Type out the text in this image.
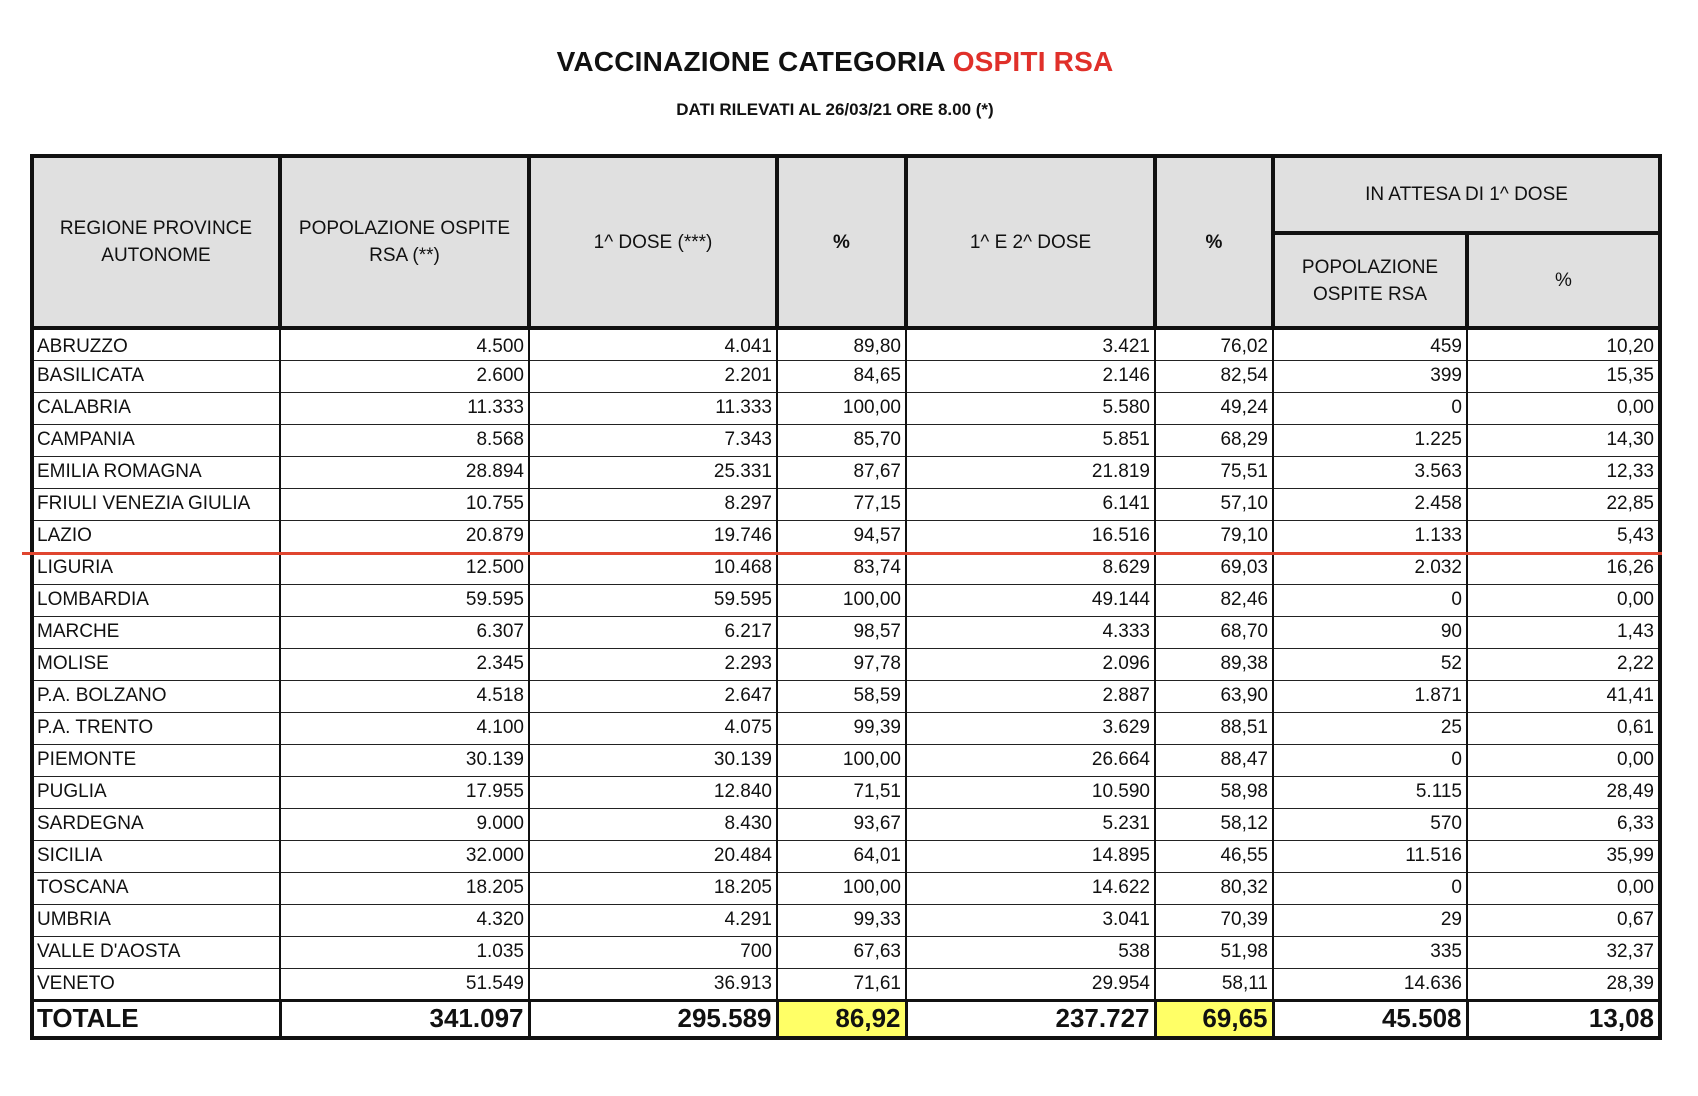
VACCINAZIONE CATEGORIA OSPITI RSA
DATI RILEVATI AL 26/03/21 ORE 8.00 (*)
REGIONE PROVINCE AUTONOME	POPOLAZIONE OSPITE RSA (**)	1^ DOSE (***)	%	1^ E 2^ DOSE	%	IN ATTESA DI 1^ DOSE	
						POPOLAZIONE OSPITE RSA	%
ABRUZZO	4.500	4.041	89,80	3.421	76,02	459	10,20
BASILICATA	2.600	2.201	84,65	2.146	82,54	399	15,35
CALABRIA	11.333	11.333	100,00	5.580	49,24	0	0,00
CAMPANIA	8.568	7.343	85,70	5.851	68,29	1.225	14,30
EMILIA ROMAGNA	28.894	25.331	87,67	21.819	75,51	3.563	12,33
FRIULI VENEZIA GIULIA	10.755	8.297	77,15	6.141	57,10	2.458	22,85
LAZIO	20.879	19.746	94,57	16.516	79,10	1.133	5,43
LIGURIA	12.500	10.468	83,74	8.629	69,03	2.032	16,26
LOMBARDIA	59.595	59.595	100,00	49.144	82,46	0	0,00
MARCHE	6.307	6.217	98,57	4.333	68,70	90	1,43
MOLISE	2.345	2.293	97,78	2.096	89,38	52	2,22
P.A. BOLZANO	4.518	2.647	58,59	2.887	63,90	1.871	41,41
P.A. TRENTO	4.100	4.075	99,39	3.629	88,51	25	0,61
PIEMONTE	30.139	30.139	100,00	26.664	88,47	0	0,00
PUGLIA	17.955	12.840	71,51	10.590	58,98	5.115	28,49
SARDEGNA	9.000	8.430	93,67	5.231	58,12	570	6,33
SICILIA	32.000	20.484	64,01	14.895	46,55	11.516	35,99
TOSCANA	18.205	18.205	100,00	14.622	80,32	0	0,00
UMBRIA	4.320	4.291	99,33	3.041	70,39	29	0,67
VALLE D'AOSTA	1.035	700	67,63	538	51,98	335	32,37
VENETO	51.549	36.913	71,61	29.954	58,11	14.636	28,39
TOTALE	341.097	295.589	86,92	237.727	69,65	45.508	13,08
